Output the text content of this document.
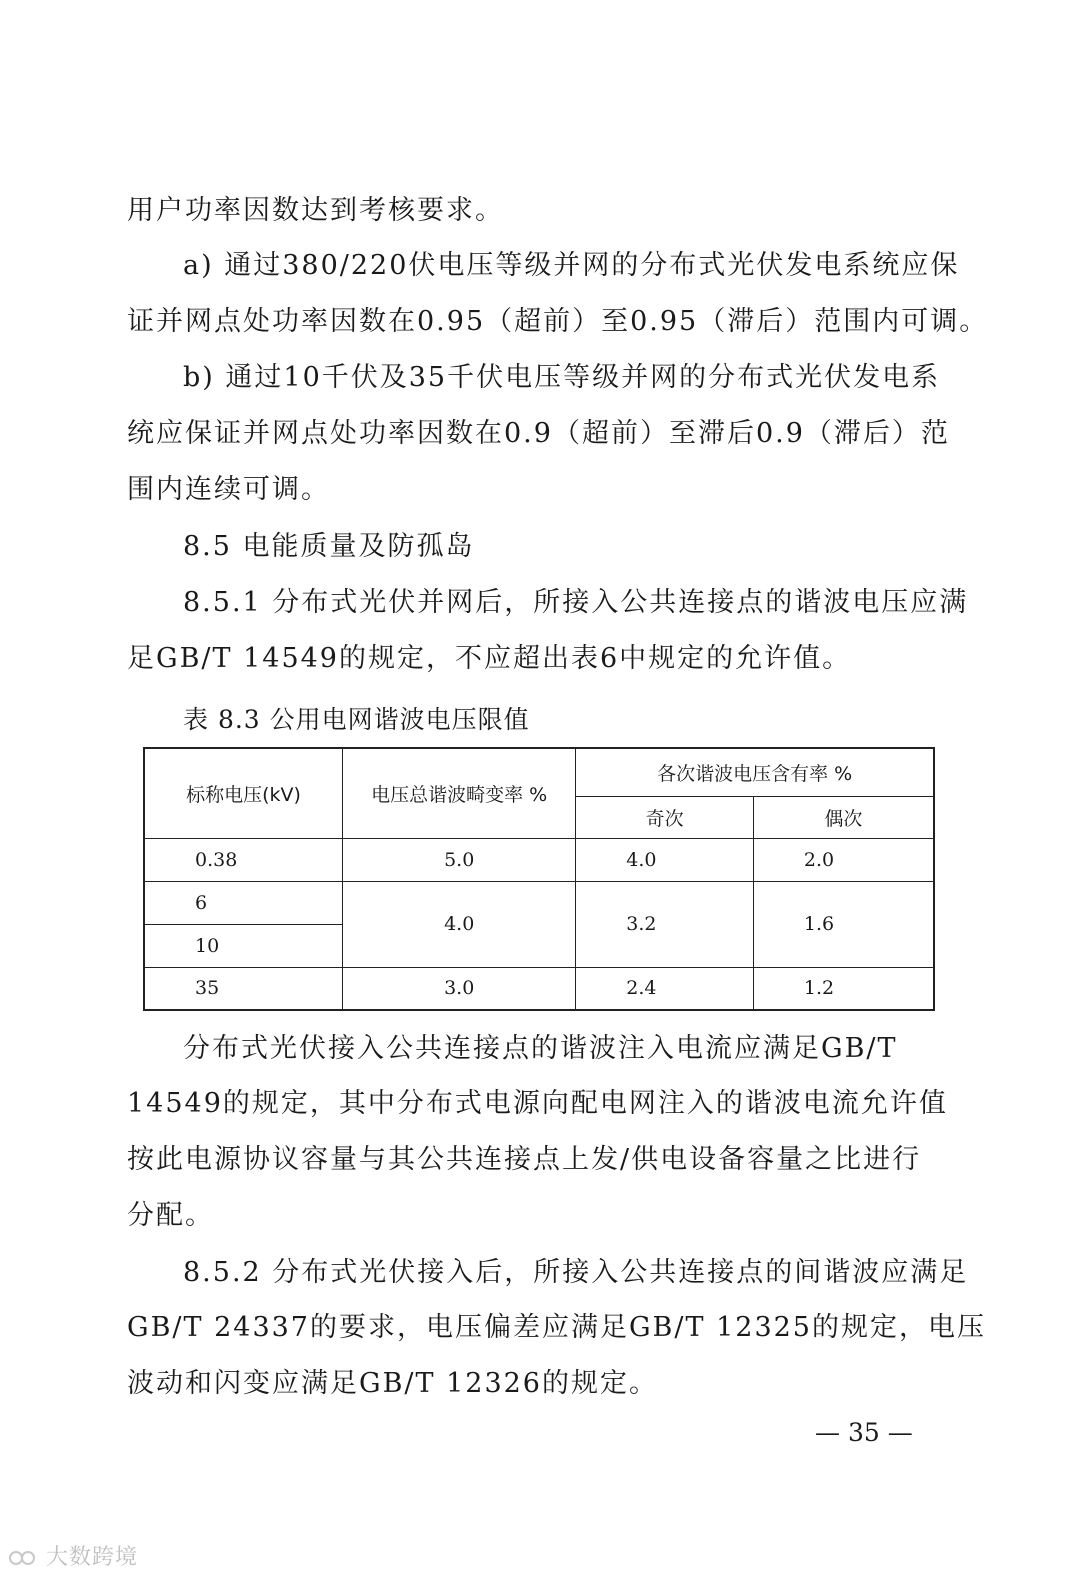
用户功率因数达到考核要求。
a) 通过380/220伏电压等级并网的分布式光伏发电系统应保
证并网点处功率因数在0.95（超前）至0.95（滞后）范围内可调。
b) 通过10千伏及35千伏电压等级并网的分布式光伏发电系
统应保证并网点处功率因数在0.9（超前）至滞后0.9（滞后）范
围内连续可调。
8.5 电能质量及防孤岛
8.5.1 分布式光伏并网后，所接入公共连接点的谐波电压应满
足GB/T 14549的规定，不应超出表6中规定的允许值。
表 8.3 公用电网谐波电压限值
标称电压(kV)	电压总谐波畸变率 %	各次谐波电压含有率 %	
		奇次	偶次
0.38	5.0	4.0	2.0
6	4.0	3.2	1.6
10			
35	3.0	2.4	1.2
分布式光伏接入公共连接点的谐波注入电流应满足GB/T
14549的规定，其中分布式电源向配电网注入的谐波电流允许值
按此电源协议容量与其公共连接点上发/供电设备容量之比进行
分配。
8.5.2 分布式光伏接入后，所接入公共连接点的间谐波应满足
GB/T 24337的要求，电压偏差应满足GB/T 12325的规定，电压
波动和闪变应满足GB/T 12326的规定。
— 35 —
大数跨境
